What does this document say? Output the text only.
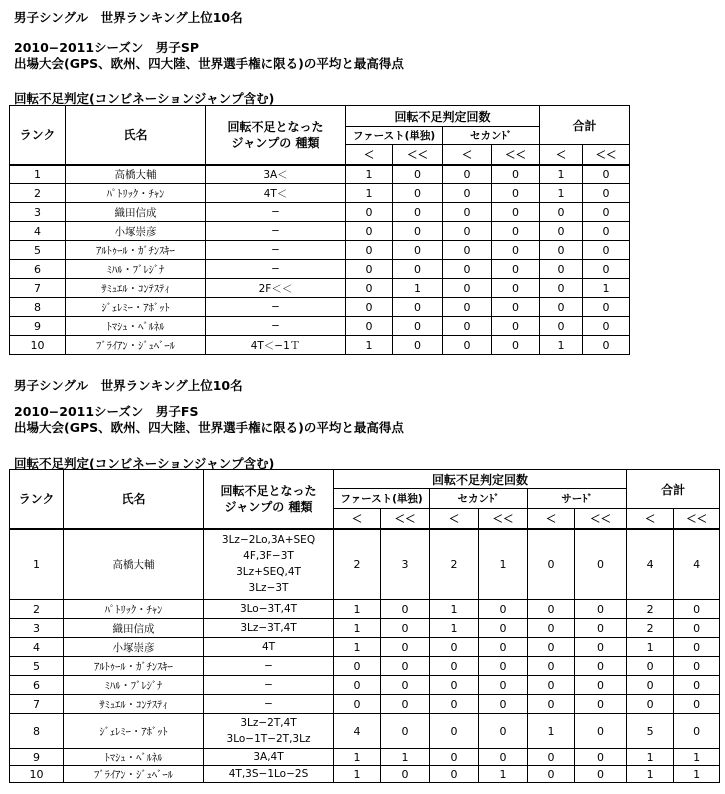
男子シングル　世界ランキング上位10名
2010−2011シーズン　男子SP
出場大会(GPS、欧州、四大陸、世界選手権に限る)の平均と最高得点
回転不足判定(コンビネーションジャンプ含む)
ランク	氏名	回転不足となった
ジャンプの 種類	回転不足判定回数				合計	
			ファースト(単独)		セカンﾄﾞ			
			＜	＜＜	＜	＜＜	＜	＜＜
1	高橋大輔	3A＜	1	0	0	0	1	0
2	ﾊﾟﾄﾘｯｸ・ﾁｬﾝ	4T＜	1	0	0	0	1	0
3	織田信成	−	0	0	0	0	0	0
4	小塚崇彦	−	0	0	0	0	0	0
5	ｱﾙﾄｩｰﾙ・ｶﾞﾁﾝｽｷｰ	−	0	0	0	0	0	0
6	ﾐﾊﾙ・ﾌﾞﾚｼﾞﾅ	−	0	0	0	0	0	0
7	ｻﾐｭｴﾙ・ｺﾝﾃｽﾃｨ	2F＜＜	0	1	0	0	0	1
8	ｼﾞｪﾚﾐｰ・ｱﾎﾞｯﾄ	−	0	0	0	0	0	0
9	ﾄﾏｼｭ・ﾍﾞﾙﾈﾙ	−	0	0	0	0	0	0
10	ﾌﾞﾗｲｱﾝ・ｼﾞｭﾍﾞｰﾙ	4T＜−1Ｔ	1	0	0	0	1	0
男子シングル　世界ランキング上位10名
2010−2011シーズン　男子FS
出場大会(GPS、欧州、四大陸、世界選手権に限る)の平均と最高得点
回転不足判定(コンビネーションジャンプ含む)
ランク	氏名	回転不足となった
ジャンプの 種類	回転不足判定回数						合計	
			ファースト(単独)		セカンﾄﾞ		サーﾄﾞ			
			＜	＜＜	＜	＜＜	＜	＜＜	＜	＜＜
1	高橋大輔	3Lz−2Lo,3A+SEQ
4F,3F−3T
3Lz+SEQ,4T
3Lz−3T	2	3	2	1	0	0	4	4
2	ﾊﾟﾄﾘｯｸ・ﾁｬﾝ	3Lo−3T,4T	1	0	1	0	0	0	2	0
3	織田信成	3Lz−3T,4T	1	0	1	0	0	0	2	0
4	小塚崇彦	4T	1	0	0	0	0	0	1	0
5	ｱﾙﾄｩｰﾙ・ｶﾞﾁﾝｽｷｰ	−	0	0	0	0	0	0	0	0
6	ﾐﾊﾙ・ﾌﾞﾚｼﾞﾅ	−	0	0	0	0	0	0	0	0
7	ｻﾐｭｴﾙ・ｺﾝﾃｽﾃｨ	−	0	0	0	0	0	0	0	0
8	ｼﾞｪﾚﾐｰ・ｱﾎﾞｯﾄ	3Lz−2T,4T
3Lo−1T−2T,3Lz	4	0	0	0	1	0	5	0
9	ﾄﾏｼｭ・ﾍﾞﾙﾈﾙ	3A,4T	1	1	0	0	0	0	1	1
10	ﾌﾞﾗｲｱﾝ・ｼﾞｭﾍﾞｰﾙ	4T,3S−1Lo−2S	1	0	0	1	0	0	1	1
